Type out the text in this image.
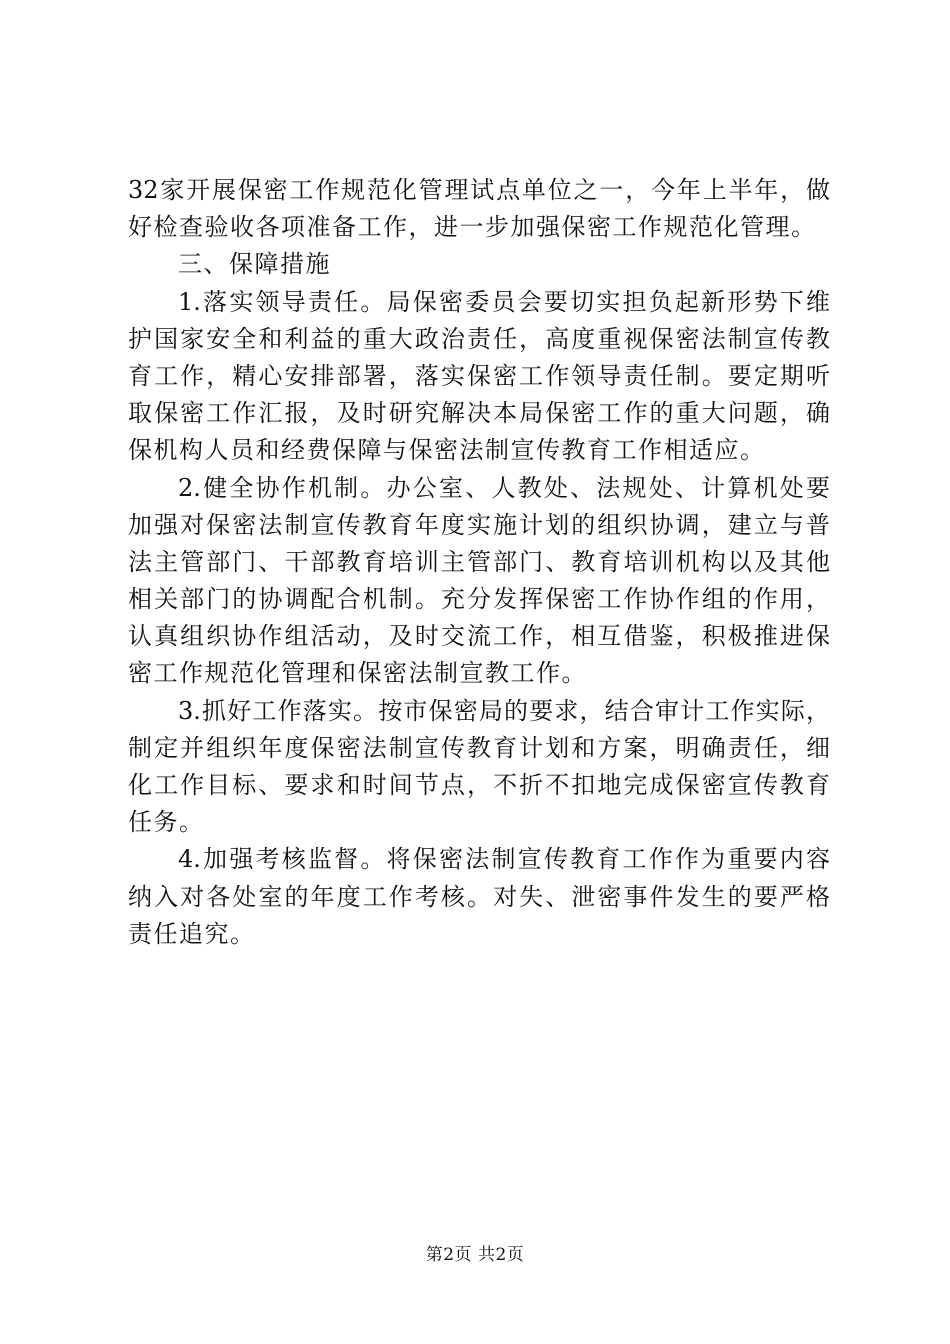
32家开展保密工作规范化管理试点单位之一，今年上半年，做
好检查验收各项准备工作，进一步加强保密工作规范化管理。
三、保障措施
1.落实领导责任。局保密委员会要切实担负起新形势下维
护国家安全和利益的重大政治责任，高度重视保密法制宣传教
育工作，精心安排部署，落实保密工作领导责任制。要定期听
取保密工作汇报，及时研究解决本局保密工作的重大问题，确
保机构人员和经费保障与保密法制宣传教育工作相适应。
2.健全协作机制。办公室、人教处、法规处、计算机处要
加强对保密法制宣传教育年度实施计划的组织协调，建立与普
法主管部门、干部教育培训主管部门、教育培训机构以及其他
相关部门的协调配合机制。充分发挥保密工作协作组的作用，
认真组织协作组活动，及时交流工作，相互借鉴，积极推进保
密工作规范化管理和保密法制宣教工作。
3.抓好工作落实。按市保密局的要求，结合审计工作实际，
制定并组织年度保密法制宣传教育计划和方案，明确责任，细
化工作目标、要求和时间节点，不折不扣地完成保密宣传教育
任务。
4.加强考核监督。将保密法制宣传教育工作作为重要内容
纳入对各处室的年度工作考核。对失、泄密事件发生的要严格
责任追究。
第2页 共2页
